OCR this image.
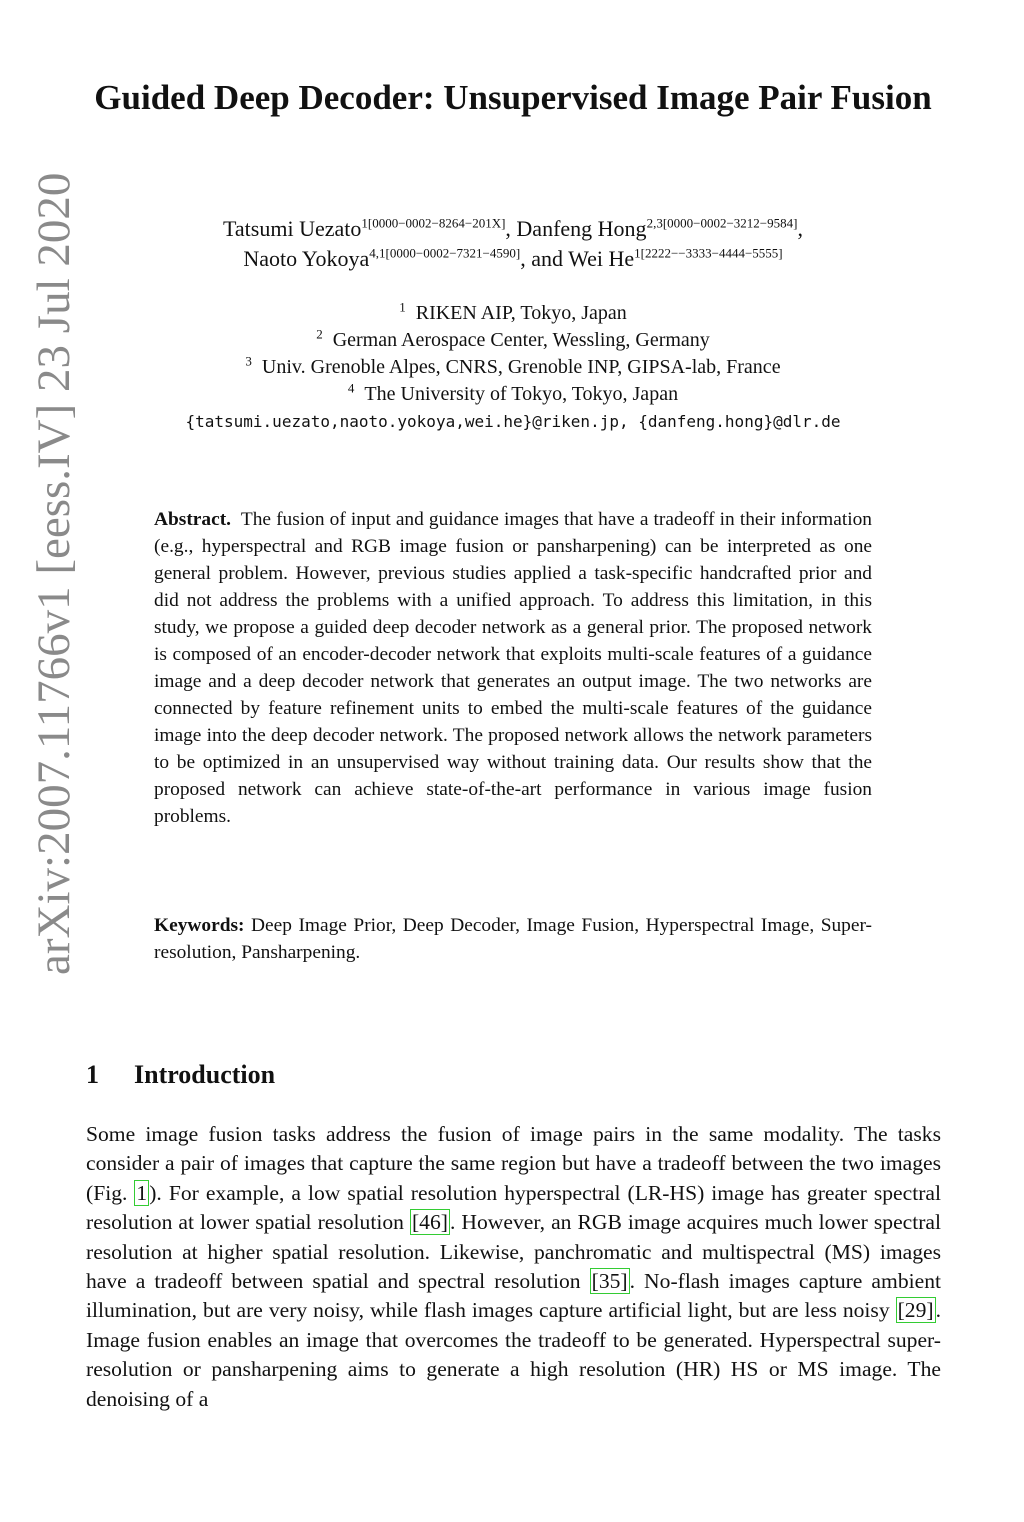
arXiv:2007.11766v1 [eess.IV] 23 Jul 2020
Guided Deep Decoder: Unsupervised Image Pair Fusion
Tatsumi Uezato$^{1[0000-0002-8264-201X]}$, Danfeng Hong$^{2,3[0000-0002-3212-9584]}$,
Naoto Yokoya$^{4,1[0000-0002-7321-4590]}$, and Wei $He^{1[2222--3333-4444-5555]}$
$^1$ RIKEN AIP, Tokyo, Japan
$^2$ German Aerospace Center, Wessling, Germany
$^3$ Univ. Grenoble Alpes, CNRS, Grenoble INP, GIPSA-lab, France
$^4$ The University of Tokyo, Tokyo, Japan
{tatsumi.uezato,naoto.yokoya,wei.he}@riken.jp, {danfeng.hong}@dlr.de

Abstract. The fusion of input and guidance images that have a tradeoff in their information (e.g., hyperspectral and RGB image fusion or pansharpening) can be interpreted as one general problem. However, previous studies applied a task-specific handcrafted prior and did not address the problems with a unified approach. To address this limitation, in this study, we propose a guided deep decoder network as a general prior. The proposed network is composed of an encoder-decoder network that exploits multi-scale features of a guidance image and a deep decoder network that generates an output image. The two networks are connected by feature refinement units to embed the multi-scale features of the guidance image into the deep decoder network. The proposed network allows the network parameters to be optimized in an unsupervised way without training data. Our results show that the proposed network can achieve state-of-the-art performance in various image fusion problems.

Keywords: Deep Image Prior, Deep Decoder, Image Fusion, Hyperspectral Image, Super-resolution, Pansharpening.

1 Introduction

Some image fusion tasks address the fusion of image pairs in the same modality. The tasks consider a pair of images that capture the same region but have a tradeoff between the two images (Fig. 1). For example, a low spatial resolution hyperspectral (LR-HS) image has greater spectral resolution at lower spatial resolution [46]. However, an RGB image acquires much lower spectral resolution at higher spatial resolution. Likewise, panchromatic and multispectral (MS) images have a tradeoff between spatial and spectral resolution [35]. No-flash images capture ambient illumination, but are very noisy, while flash images capture artificial light, but are less noisy [29]. Image fusion enables an image that overcomes the tradeoff to be generated. Hyperspectral super-resolution or pansharpening aims to generate a high resolution (HR) HS or MS image. The denoising of a
